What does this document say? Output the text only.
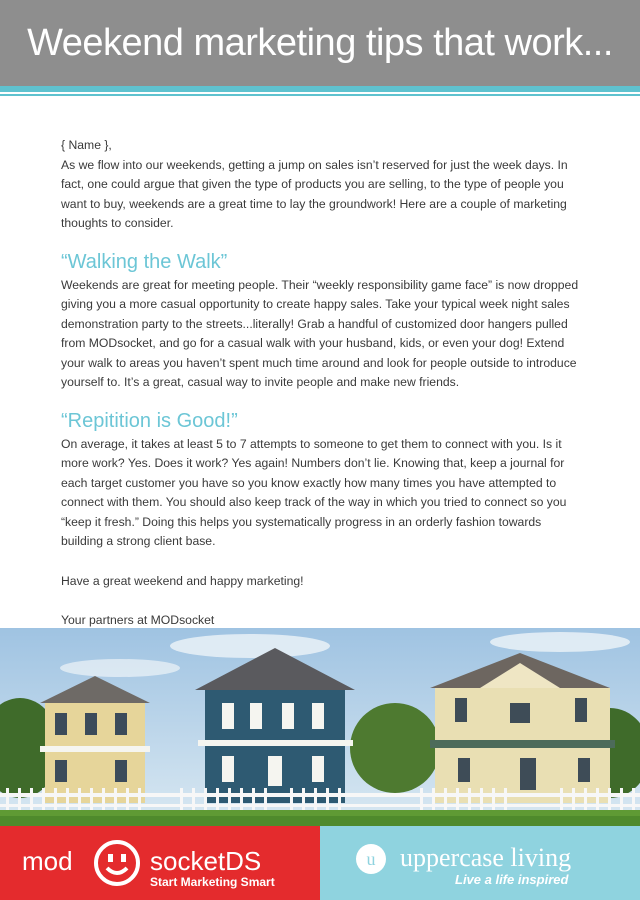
Weekend marketing tips that work...

{ Name },

As we flow into our weekends, getting a jump on sales isn’t reserved for just the week days. In fact, one could argue that given the type of products you are selling, to the type of people you want to buy, weekends are a great time to lay the groundwork! Here are a couple of marketing thoughts to consider.

“Walking the Walk”

Weekends are great for meeting people. Their “weekly responsibility game face” is now dropped giving you a more casual opportunity to create happy sales. Take your typical week night sales demonstration party to the streets...literally! Grab a handful of customized door hangers pulled from MODsocket, and go for a casual walk with your husband, kids, or even your dog! Extend your walk to areas you haven’t spent much time around and look for people outside to introduce yourself to. It’s a great, casual way to invite people and make new friends.

“Repitition is Good!”

On average, it takes at least 5 to 7 attempts to someone to get them to connect with you. Is it more work? Yes. Does it work? Yes again! Numbers don’t lie. Knowing that, keep a journal for each target customer you have so you know exactly how many times you have attempted to connect with them. You should also keep track of the way in which you tried to connect so you “keep it fresh.” Doing this helps you systematically progress in an orderly fashion towards building a strong client base.

Have a great weekend and happy marketing!

Your partners at MODsocket

mod	socketDS
Start Marketing Smart
u uppercase living
Live a life inspired
